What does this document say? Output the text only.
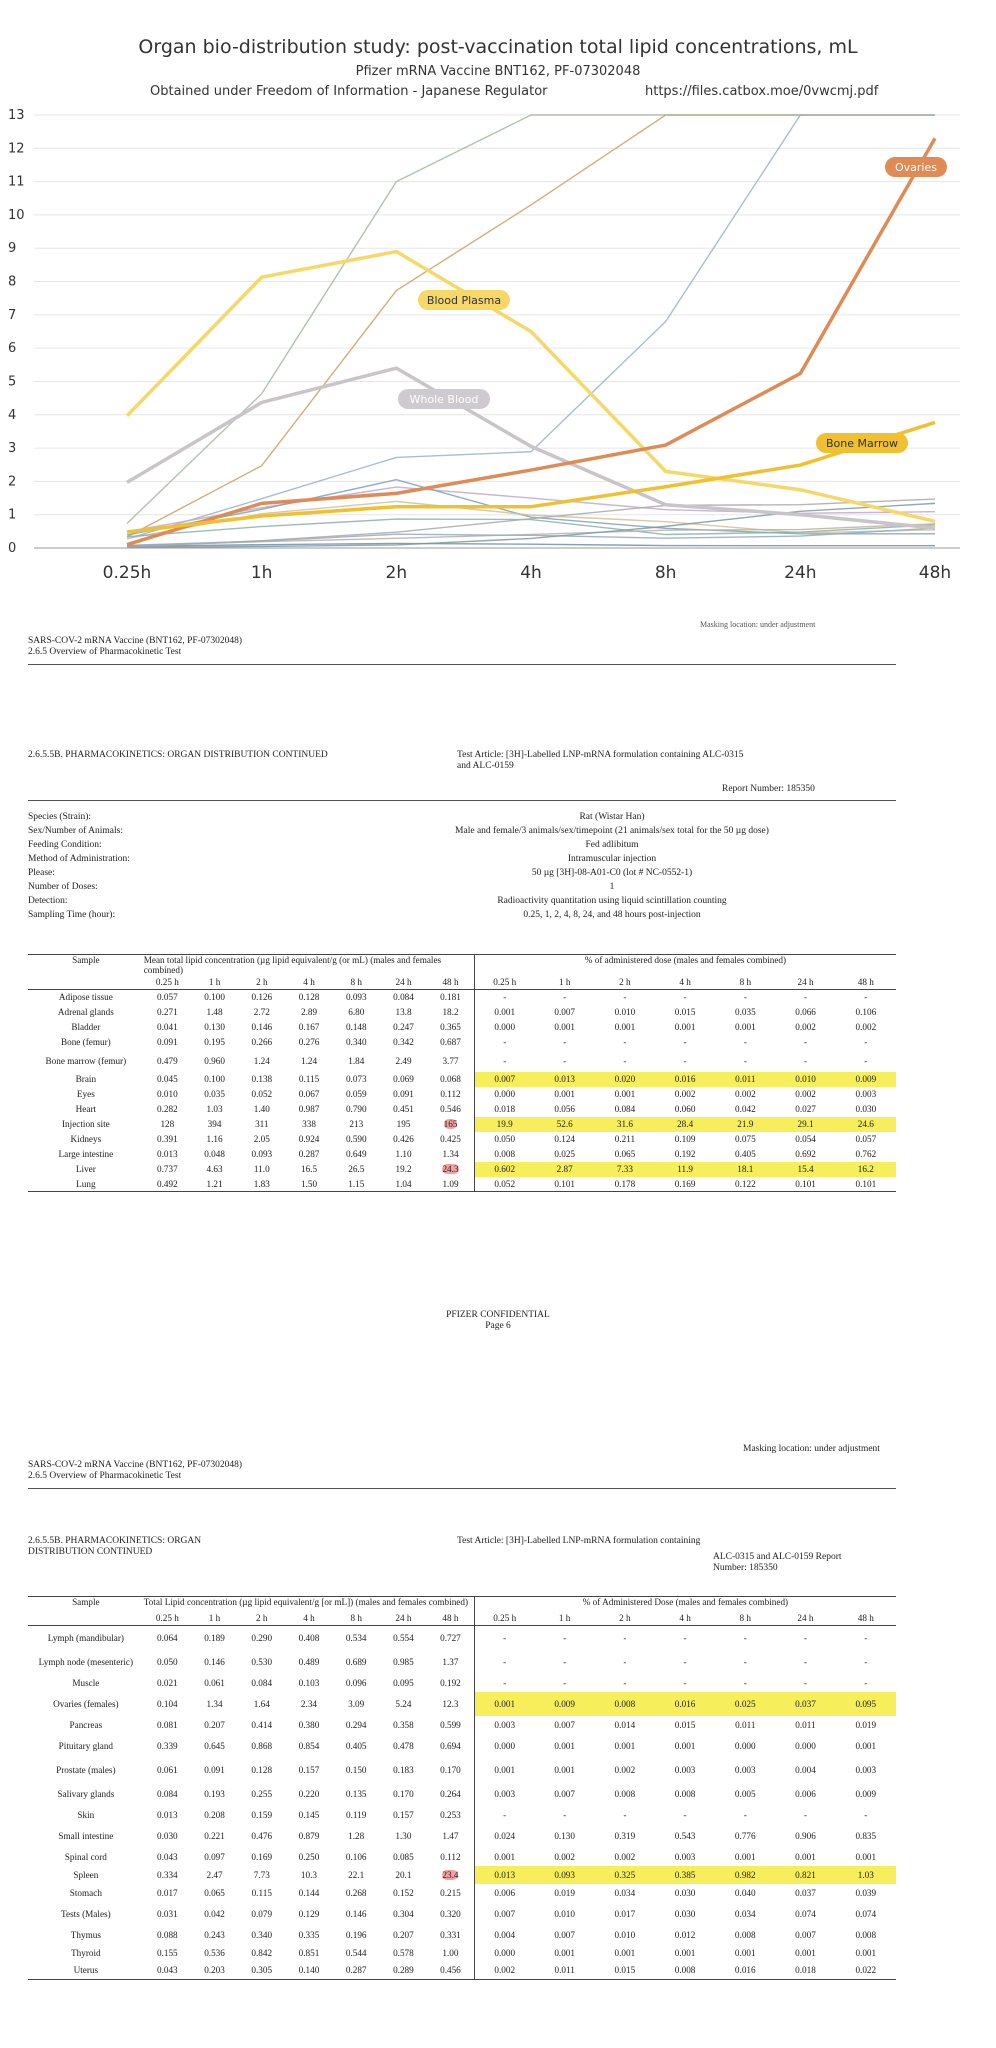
Organ bio-distribution study: post-vaccination total lipid concentrations, mL
Pfizer mRNA Vaccine BNT162, PF-07302048
Obtained under Freedom of Information - Japanese Regulator	https://files.catbox.moe/0vwcmj.pdf
0
1
2
3
4
5
6
7
8
9
10
11
12
13
0.25h	1h	2h	4h	8h	24h	48h
Blood Plasma
Whole Blood
Ovaries
Bone Marrow
Masking location: under adjustment
SARS-COV-2 mRNA Vaccine (BNT162, PF-07302048)
2.6.5 Overview of Pharmacokinetic Test
2.6.5.5B. PHARMACOKINETICS: ORGAN DISTRIBUTION CONTINUED	Test Article: [3H]-Labelled LNP-mRNA formulation containing ALC-0315
and ALC-0159
Report Number: 185350
Species (Strain):	Rat (Wistar Han)
Sex/Number of Animals:	Male and female/3 animals/sex/timepoint (21 animals/sex total for the 50 µg dose)
Feeding Condition:	Fed adlibitum
Method of Administration:	Intramuscular injection
Please:	50 µg [3H]-08-A01-C0 (lot # NC-0552-1)
Number of Doses:	1
Detection:	Radioactivity quantitation using liquid scintillation counting
Sampling Time (hour):	0.25, 1, 2, 4, 8, 24, and 48 hours post-injection
Sample	Mean total lipid concentration (µg lipid equivalent/g (or mL) (males and females combined)							% of administered dose (males and females combined)						
	0.25 h	1 h	2 h	4 h	8 h	24 h	48 h	0.25 h	1 h	2 h	4 h	8 h	24 h	48 h
Adipose tissue	0.057	0.100	0.126	0.128	0.093	0.084	0.181	-	-	-	-	-	-	-
Adrenal glands	0.271	1.48	2.72	2.89	6.80	13.8	18.2	0.001	0.007	0.010	0.015	0.035	0.066	0.106
Bladder	0.041	0.130	0.146	0.167	0.148	0.247	0.365	0.000	0.001	0.001	0.001	0.001	0.002	0.002
Bone (femur)	0.091	0.195	0.266	0.276	0.340	0.342	0.687	-	-	-	-	-	-	-
Bone marrow (femur)	0.479	0.960	1.24	1.24	1.84	2.49	3.77	-	-	-	-	-	-	-
Brain	0.045	0.100	0.138	0.115	0.073	0.069	0.068	0.007	0.013	0.020	0.016	0.011	0.010	0.009
Eyes	0.010	0.035	0.052	0.067	0.059	0.091	0.112	0.000	0.001	0.001	0.002	0.002	0.002	0.003
Heart	0.282	1.03	1.40	0.987	0.790	0.451	0.546	0.018	0.056	0.084	0.060	0.042	0.027	0.030
Injection site	128	394	311	338	213	195	165	19.9	52.6	31.6	28.4	21.9	29.1	24.6
Kidneys	0.391	1.16	2.05	0.924	0.590	0.426	0.425	0.050	0.124	0.211	0.109	0.075	0.054	0.057
Large intestine	0.013	0.048	0.093	0.287	0.649	1.10	1.34	0.008	0.025	0.065	0.192	0.405	0.692	0.762
Liver	0.737	4.63	11.0	16.5	26.5	19.2	24.3	0.602	2.87	7.33	11.9	18.1	15.4	16.2
Lung	0.492	1.21	1.83	1.50	1.15	1.04	1.09	0.052	0.101	0.178	0.169	0.122	0.101	0.101
PFIZER CONFIDENTIAL
Page 6
Masking location: under adjustment
SARS-COV-2 mRNA Vaccine (BNT162, PF-07302048)
2.6.5 Overview of Pharmacokinetic Test
2.6.5.5B. PHARMACOKINETICS: ORGAN
DISTRIBUTION CONTINUED
Test Article: [3H]-Labelled LNP-mRNA formulation containing
ALC-0315 and ALC-0159 Report
Number: 185350
Sample	Total Lipid concentration (µg lipid equivalent/g [or mL]) (males and females combined)							% of Administered Dose (males and females combined)						
	0.25 h	1 h	2 h	4 h	8 h	24 h	48 h	0.25 h	1 h	2 h	4 h	8 h	24 h	48 h
Lymph (mandibular)	0.064	0.189	0.290	0.408	0.534	0.554	0.727	-	-	-	-	-	-	-
Lymph node (mesenteric)	0.050	0.146	0.530	0.489	0.689	0.985	1.37	-	-	-	-	-	-	-
Muscle	0.021	0.061	0.084	0.103	0.096	0.095	0.192	-	-	-	-	-	-	-
Ovaries (females)	0.104	1.34	1.64	2.34	3.09	5.24	12.3	0.001	0.009	0.008	0.016	0.025	0.037	0.095
Pancreas	0.081	0.207	0.414	0.380	0.294	0.358	0.599	0.003	0.007	0.014	0.015	0.011	0.011	0.019
Pituitary gland	0.339	0.645	0.868	0.854	0.405	0.478	0.694	0.000	0.001	0.001	0.001	0.000	0.000	0.001
Prostate (males)	0.061	0.091	0.128	0.157	0.150	0.183	0.170	0.001	0.001	0.002	0.003	0.003	0.004	0.003
Salivary glands	0.084	0.193	0.255	0.220	0.135	0.170	0.264	0.003	0.007	0.008	0.008	0.005	0.006	0.009
Skin	0.013	0.208	0.159	0.145	0.119	0.157	0.253	-	-	-	-	-	-	-
Small intestine	0.030	0.221	0.476	0.879	1.28	1.30	1.47	0.024	0.130	0.319	0.543	0.776	0.906	0.835
Spinal cord	0.043	0.097	0.169	0.250	0.106	0.085	0.112	0.001	0.002	0.002	0.003	0.001	0.001	0.001
Spleen	0.334	2.47	7.73	10.3	22.1	20.1	23.4	0.013	0.093	0.325	0.385	0.982	0.821	1.03
Stomach	0.017	0.065	0.115	0.144	0.268	0.152	0.215	0.006	0.019	0.034	0.030	0.040	0.037	0.039
Tests (Males)	0.031	0.042	0.079	0.129	0.146	0.304	0.320	0.007	0.010	0.017	0.030	0.034	0.074	0.074
Thymus	0.088	0.243	0.340	0.335	0.196	0.207	0.331	0.004	0.007	0.010	0.012	0.008	0.007	0.008
Thyroid	0.155	0.536	0.842	0.851	0.544	0.578	1.00	0.000	0.001	0.001	0.001	0.001	0.001	0.001
Uterus	0.043	0.203	0.305	0.140	0.287	0.289	0.456	0.002	0.011	0.015	0.008	0.016	0.018	0.022
